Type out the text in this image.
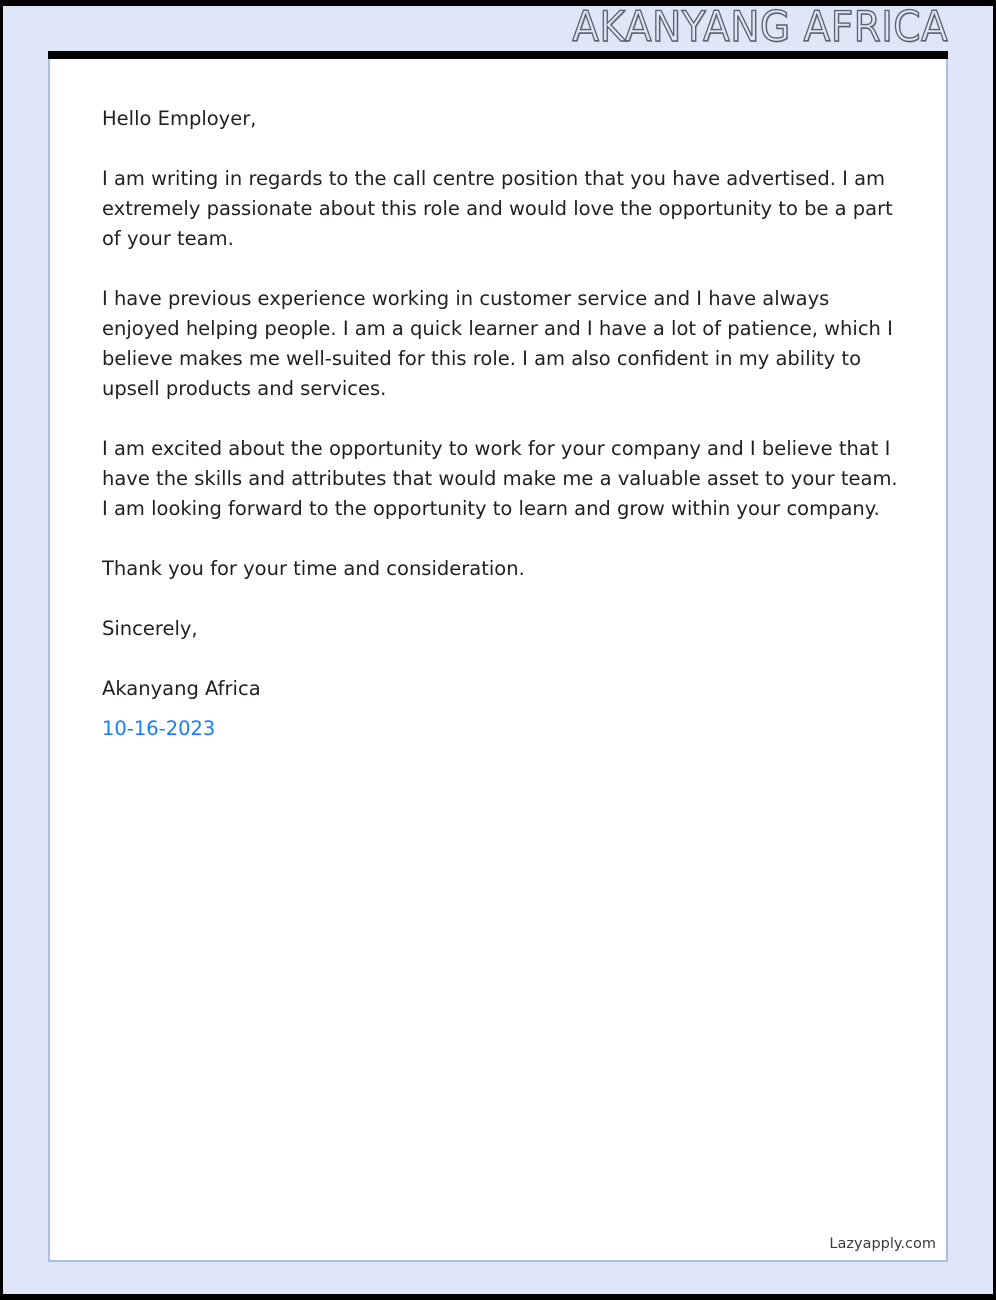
AKANYANG AFRICA

Hello Employer,

I am writing in regards to the call centre position that you have advertised. I am extremely passionate about this role and would love the opportunity to be a part of your team.

I have previous experience working in customer service and I have always enjoyed helping people. I am a quick learner and I have a lot of patience, which I believe makes me well-suited for this role. I am also confident in my ability to upsell products and services.

I am excited about the opportunity to work for your company and I believe that I have the skills and attributes that would make me a valuable asset to your team. I am looking forward to the opportunity to learn and grow within your company.

Thank you for your time and consideration.

Sincerely,

Akanyang Africa

10-16-2023

Lazyapply.com
